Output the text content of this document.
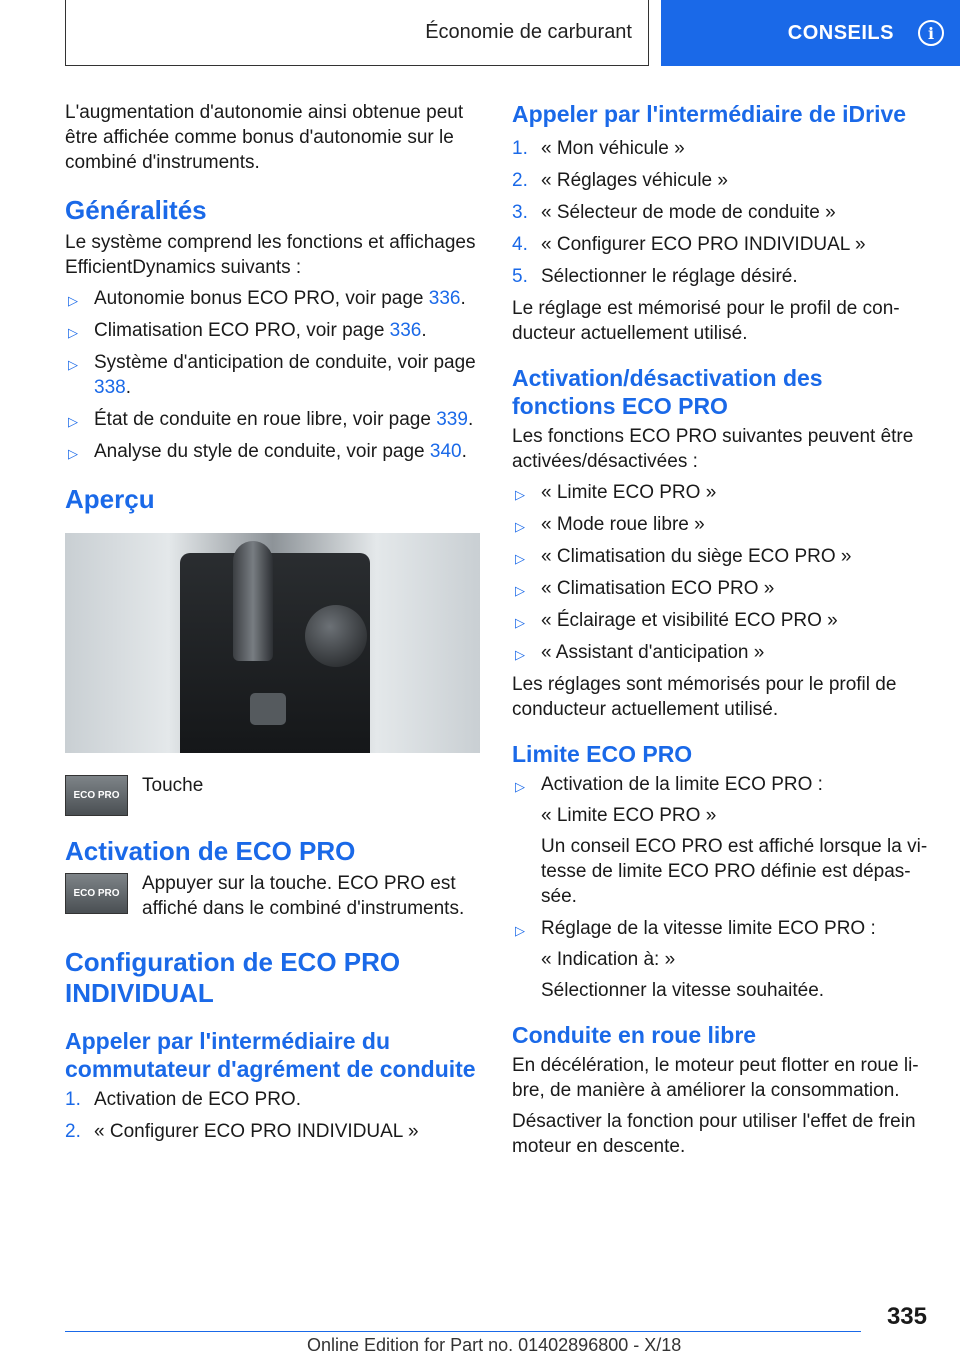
Économie de carburant	CONSEILS	i

L'augmentation d'autonomie ainsi obtenue peut être affichée comme bonus d'autonomie sur le combiné d'instruments.

Généralités

Le système comprend les fonctions et affichages EfficientDynamics suivants :

▷ Autonomie bonus ECO PRO, voir page 336.
▷ Climatisation ECO PRO, voir page 336.
▷ Système d'anticipation de conduite, voir page 338.
▷ État de conduite en roue libre, voir page 339.
▷ Analyse du style de conduite, voir page 340.
Aperçu
ECO PRO	Touche

Activation de ECO PRO
ECO PRO	Appuyer sur la touche. ECO PRO est affiché dans le combiné d'instruments.

Configuration de ECO PRO INDIVIDUAL
Appeler par l'intermédiaire du commutateur d'agrément de conduite
1. Activation de ECO PRO.
2. « Configurer ECO PRO INDIVIDUAL »
Appeler par l'intermédiaire de iDrive
1. « Mon véhicule »
2. « Réglages véhicule »
3. « Sélecteur de mode de conduite »
4. « Configurer ECO PRO INDIVIDUAL »
5. Sélectionner le réglage désiré.

Le réglage est mémorisé pour le profil de conducteur actuellement utilisé.

Activation/désactivation des fonctions ECO PRO

Les fonctions ECO PRO suivantes peuvent être activées/désactivées :

▷ « Limite ECO PRO »
▷ « Mode roue libre »
▷ « Climatisation du siège ECO PRO »
▷ « Climatisation ECO PRO »
▷ « Éclairage et visibilité ECO PRO »
▷ « Assistant d'anticipation »

Les réglages sont mémorisés pour le profil de conducteur actuellement utilisé.

Limite ECO PRO
▷ Activation de la limite ECO PRO :
« Limite ECO PRO »
Un conseil ECO PRO est affiché lorsque la vitesse de limite ECO PRO définie est dépassée.
▷ Réglage de la vitesse limite ECO PRO :
« Indication à: »
Sélectionner la vitesse souhaitée.
Conduite en roue libre

En décélération, le moteur peut flotter en roue libre, de manière à améliorer la consommation.

Désactiver la fonction pour utiliser l'effet de frein moteur en descente.

335
Online Edition for Part no. 01402896800 - X/18
